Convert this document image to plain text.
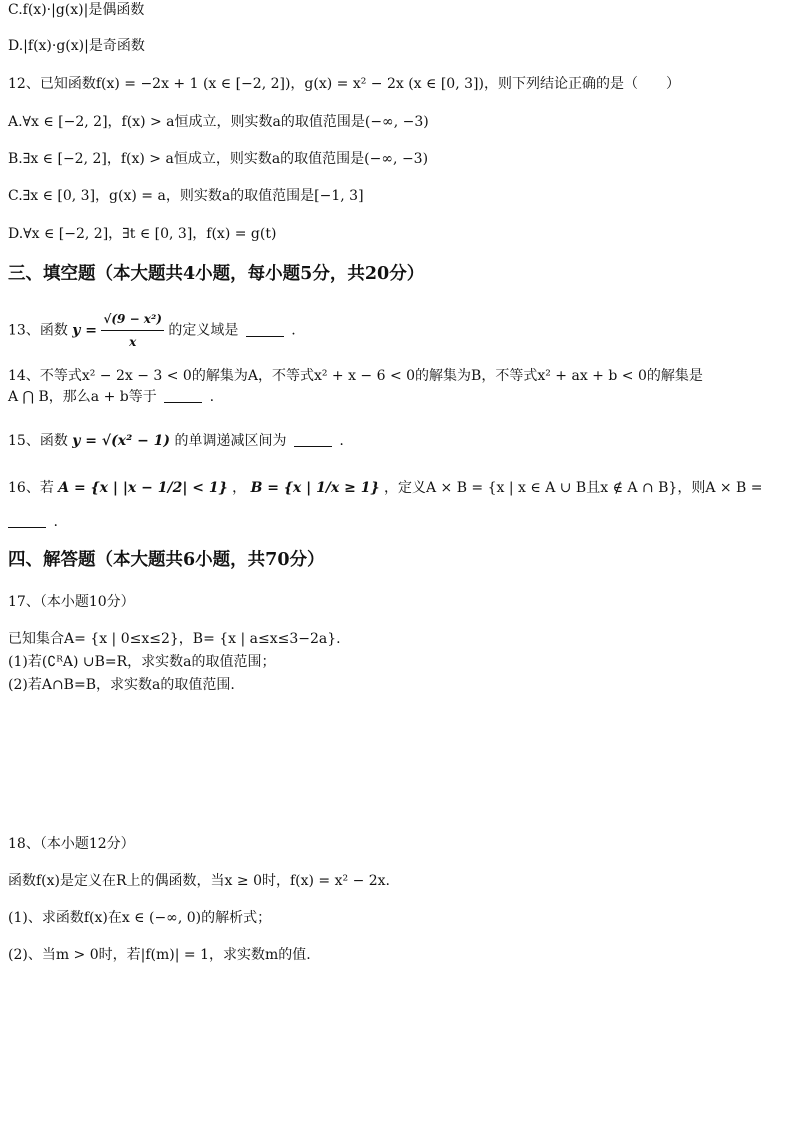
C.f(x)·|g(x)|是偶函数
D.|f(x)·g(x)|是奇函数
12、已知函数f(x) = −2x + 1 (x ∈ [−2, 2])，g(x) = x² − 2x (x ∈ [0, 3])，则下列结论正确的是（　　）
A.∀x ∈ [−2, 2]，f(x) > a恒成立，则实数a的取值范围是(−∞, −3)
B.∃x ∈ [−2, 2]，f(x) > a恒成立，则实数a的取值范围是(−∞, −3)
C.∃x ∈ [0, 3]，g(x) = a，则实数a的取值范围是[−1, 3]
D.∀x ∈ [−2, 2]，∃t ∈ [0, 3]，f(x) = g(t)
三、填空题（本大题共4小题，每小题5分，共20分）
13、函数 $y = \frac{\text{√(9 − x²)}}{x}$ 的定义域是	.
14、不等式x² − 2x − 3 < 0的解集为A，不等式x² + x − 6 < 0的解集为B，不等式x² + ax + b < 0的解集是
A ⋂ B，那么a + b等于	.
15、函数 y = √(x² − 1) 的单调递减区间为	.
16、若 A = {x | |x − 1/2| < 1} ， B = {x | 1/x ≥ 1} ，定义A × B = {x | x ∈ A ∪ B且x ∉ A ∩ B}，则A × B =
.
四、解答题（本大题共6小题，共70分）
17、（本小题10分）
已知集合A= {x | 0≤x≤2}，B= {x | a≤x≤3−2a}.
(1)若(∁ᴿA) ∪B=R，求实数a的取值范围；
(2)若A∩B=B，求实数a的取值范围.
18、（本小题12分）
函数f(x)是定义在R上的偶函数，当x ≥ 0时，f(x) = x² − 2x.
(1)、求函数f(x)在x ∈ (−∞, 0)的解析式；
(2)、当m > 0时，若|f(m)| = 1，求实数m的值.
